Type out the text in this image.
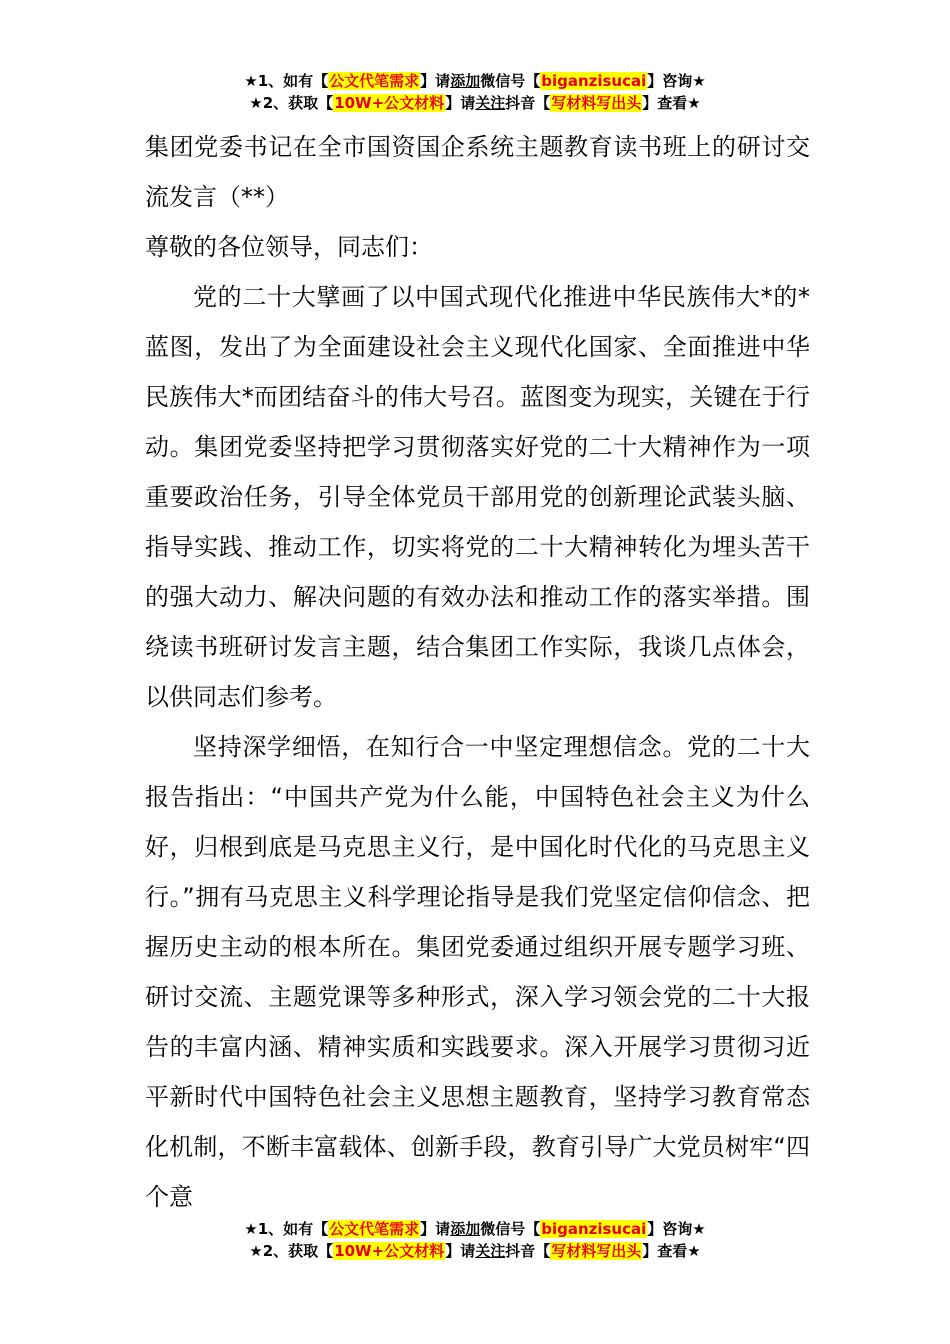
★1、如有【公文代笔需求】请添加微信号【biganzisucai】咨询★
★2、获取【10W+公文材料】请关注抖音【写材料写出头】查看★

集团党委书记在全市国资国企系统主题教育读书班上的研讨交流发言（**）

尊敬的各位领导，同志们：

党的二十大擘画了以中国式现代化推进中华民族伟大*的*蓝图，发出了为全面建设社会主义现代化国家、全面推进中华民族伟大*而团结奋斗的伟大号召。蓝图变为现实，关键在于行动。集团党委坚持把学习贯彻落实好党的二十大精神作为一项重要政治任务，引导全体党员干部用党的创新理论武装头脑、指导实践、推动工作，切实将党的二十大精神转化为埋头苦干的强大动力、解决问题的有效办法和推动工作的落实举措。围绕读书班研讨发言主题，结合集团工作实际，我谈几点体会，以供同志们参考。

坚持深学细悟，在知行合一中坚定理想信念。党的二十大报告指出：“中国共产党为什么能，中国特色社会主义为什么好，归根到底是马克思主义行，是中国化时代化的马克思主义行。”拥有马克思主义科学理论指导是我们党坚定信仰信念、把握历史主动的根本所在。集团党委通过组织开展专题学习班、研讨交流、主题党课等多种形式，深入学习领会党的二十大报告的丰富内涵、精神实质和实践要求。深入开展学习贯彻习近平新时代中国特色社会主义思想主题教育，坚持学习教育常态化机制，不断丰富载体、创新手段，教育引导广大党员树牢“四个意

★1、如有【公文代笔需求】请添加微信号【biganzisucai】咨询★
★2、获取【10W+公文材料】请关注抖音【写材料写出头】查看★
